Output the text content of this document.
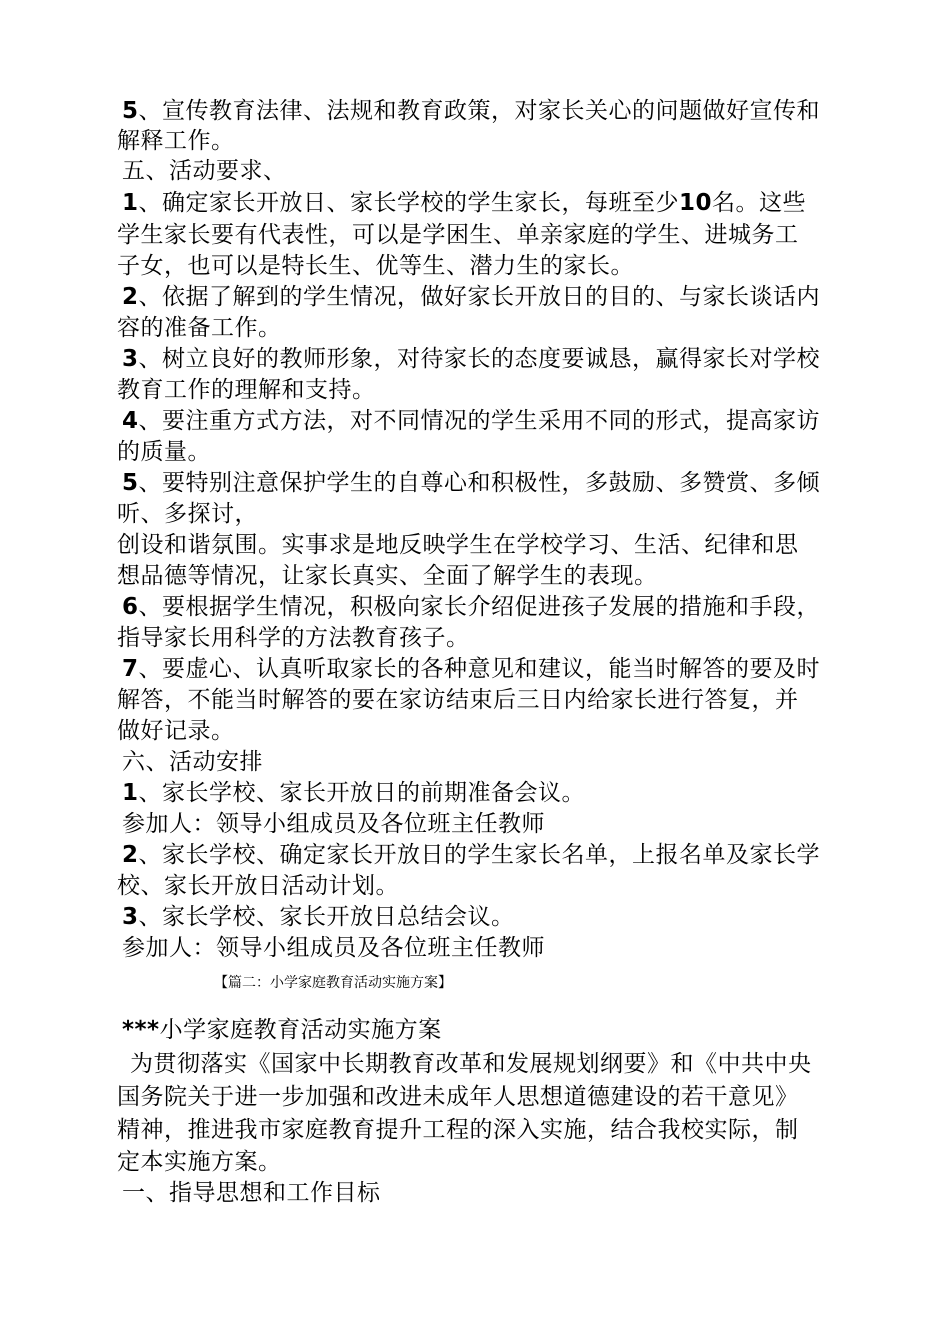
5、宣传教育法律、法规和教育政策，对家长关心的问题做好宣传和
解释工作。
五、活动要求、
1、确定家长开放日、家长学校的学生家长，每班至少10名。这些
学生家长要有代表性，可以是学困生、单亲家庭的学生、进城务工
子女，也可以是特长生、优等生、潜力生的家长。
2、依据了解到的学生情况，做好家长开放日的目的、与家长谈话内
容的准备工作。
3、树立良好的教师形象，对待家长的态度要诚恳，赢得家长对学校
教育工作的理解和支持。
4、要注重方式方法，对不同情况的学生采用不同的形式，提高家访
的质量。
5、要特别注意保护学生的自尊心和积极性，多鼓励、多赞赏、多倾
听、多探讨，
创设和谐氛围。实事求是地反映学生在学校学习、生活、纪律和思
想品德等情况，让家长真实、全面了解学生的表现。
6、要根据学生情况，积极向家长介绍促进孩子发展的措施和手段，
指导家长用科学的方法教育孩子。
7、要虚心、认真听取家长的各种意见和建议，能当时解答的要及时
解答，不能当时解答的要在家访结束后三日内给家长进行答复，并
做好记录。
六、活动安排
1、家长学校、家长开放日的前期准备会议。
参加人：领导小组成员及各位班主任教师
2、家长学校、确定家长开放日的学生家长名单，上报名单及家长学
校、家长开放日活动计划。
3、家长学校、家长开放日总结会议。
参加人：领导小组成员及各位班主任教师
【篇二：小学家庭教育活动实施方案】
***小学家庭教育活动实施方案
为贯彻落实《国家中长期教育改革和发展规划纲要》和《中共中央
国务院关于进一步加强和改进未成年人思想道德建设的若干意见》
精神，推进我市家庭教育提升工程的深入实施，结合我校实际，制
定本实施方案。
一、指导思想和工作目标
